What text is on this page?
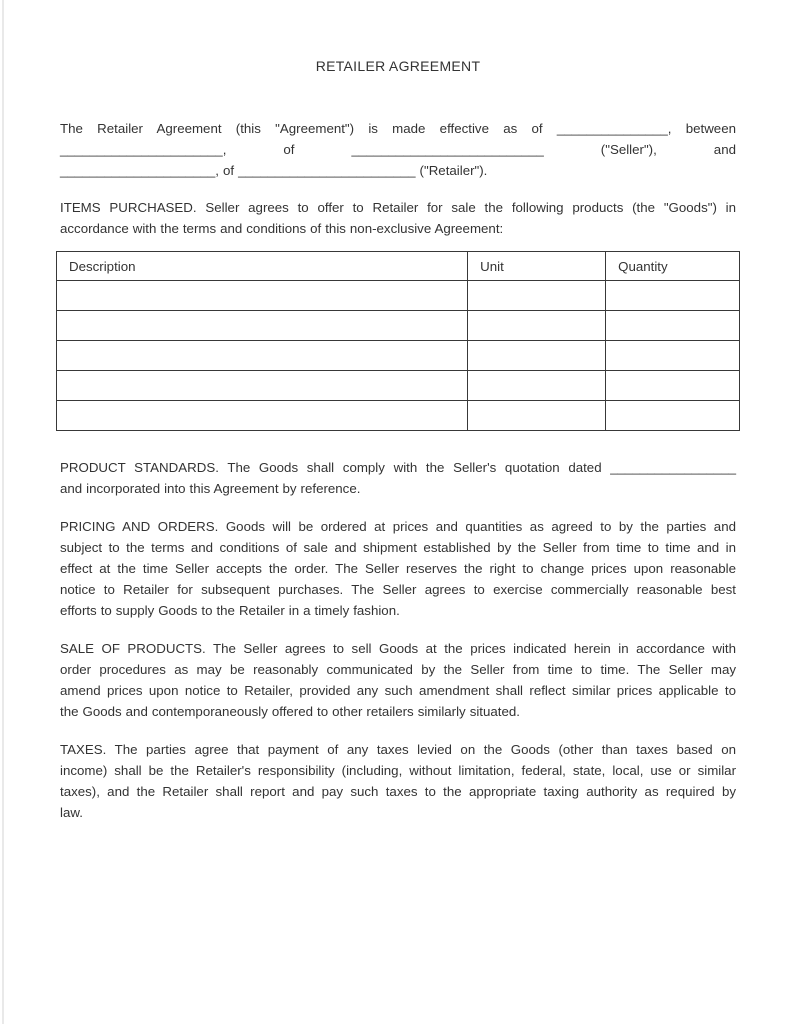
RETAILER AGREEMENT
The Retailer Agreement (this "Agreement") is made effective as of _______________, between
______________________, of __________________________ ("Seller"), and
_____________________, of ________________________ ("Retailer").
ITEMS PURCHASED. Seller agrees to offer to Retailer for sale the following products (the "Goods") in
accordance with the terms and conditions of this non-exclusive Agreement:
Description	Unit	Quantity

PRODUCT STANDARDS. The Goods shall comply with the Seller's quotation dated _________________
and incorporated into this Agreement by reference.
PRICING AND ORDERS. Goods will be ordered at prices and quantities as agreed to by the parties and
subject to the terms and conditions of sale and shipment established by the Seller from time to time and in
effect at the time Seller accepts the order. The Seller reserves the right to change prices upon reasonable
notice to Retailer for subsequent purchases. The Seller agrees to exercise commercially reasonable best
efforts to supply Goods to the Retailer in a timely fashion.
SALE OF PRODUCTS. The Seller agrees to sell Goods at the prices indicated herein in accordance with
order procedures as may be reasonably communicated by the Seller from time to time. The Seller may
amend prices upon notice to Retailer, provided any such amendment shall reflect similar prices applicable to
the Goods and contemporaneously offered to other retailers similarly situated.
TAXES. The parties agree that payment of any taxes levied on the Goods (other than taxes based on
income) shall be the Retailer's responsibility (including, without limitation, federal, state, local, use or similar
taxes), and the Retailer shall report and pay such taxes to the appropriate taxing authority as required by
law.
